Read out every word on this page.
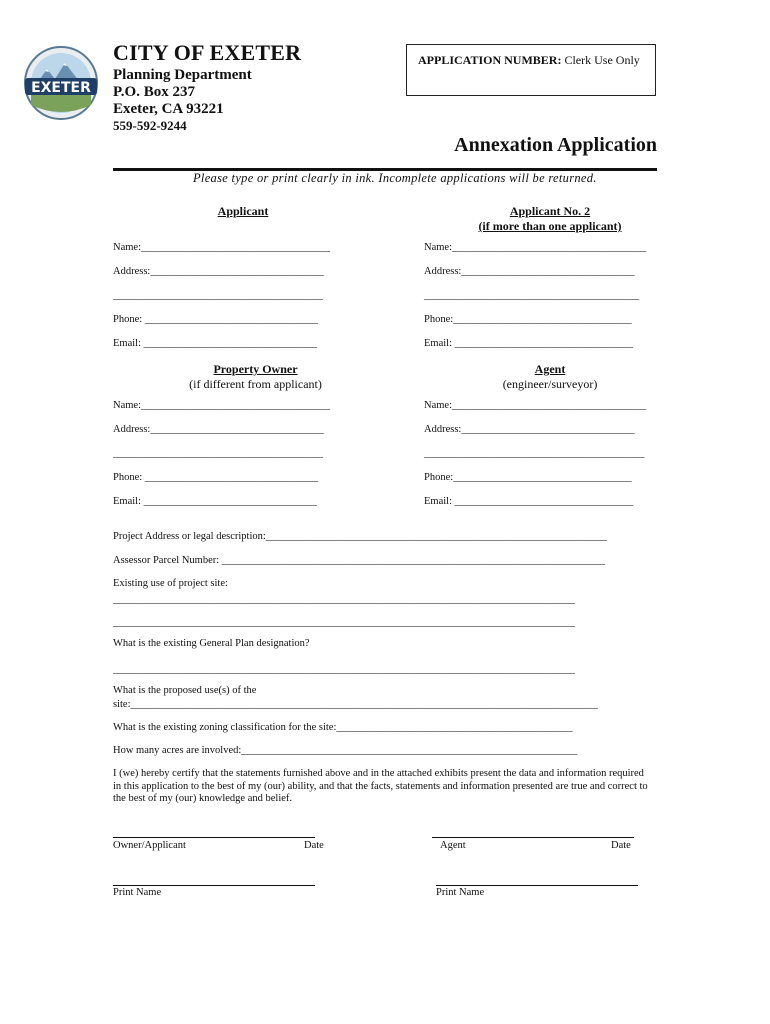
EXETER
CITY OF EXETER
Planning Department
P.O. Box 237
Exeter, CA 93221
559-592-9244
APPLICATION NUMBER: Clerk Use Only
Annexation Application
Please type or print clearly in ink. Incomplete applications will be returned.
Applicant
Name:____________________________________
Address:_________________________________
________________________________________
Phone: _________________________________
Email: _________________________________
Applicant No. 2
(if more than one applicant)
Name:_____________________________________
Address:_________________________________
_________________________________________
Phone:__________________________________
Email: __________________________________
Property Owner
(if different from applicant)
Name:____________________________________
Address:_________________________________
________________________________________
Phone: _________________________________
Email: _________________________________
Agent
(engineer/surveyor)
Name:_____________________________________
Address:_________________________________
__________________________________________
Phone:__________________________________
Email: __________________________________
Project Address or legal description:_________________________________________________________________
Assessor Parcel Number: _________________________________________________________________________
Existing use of project site:
________________________________________________________________________________________
________________________________________________________________________________________
What is the existing General Plan designation?
________________________________________________________________________________________
What is the proposed use(s) of the
site:_________________________________________________________________________________________
What is the existing zoning classification for the site:_____________________________________________
How many acres are involved:________________________________________________________________
I (we) hereby certify that the statements furnished above and in the attached exhibits present the data and information required in this application to the best of my (our) ability, and that the facts, statements and information presented are true and correct to the best of my (our) knowledge and belief.
Owner/Applicant	Date	Agent	Date
Print Name	Print Name
